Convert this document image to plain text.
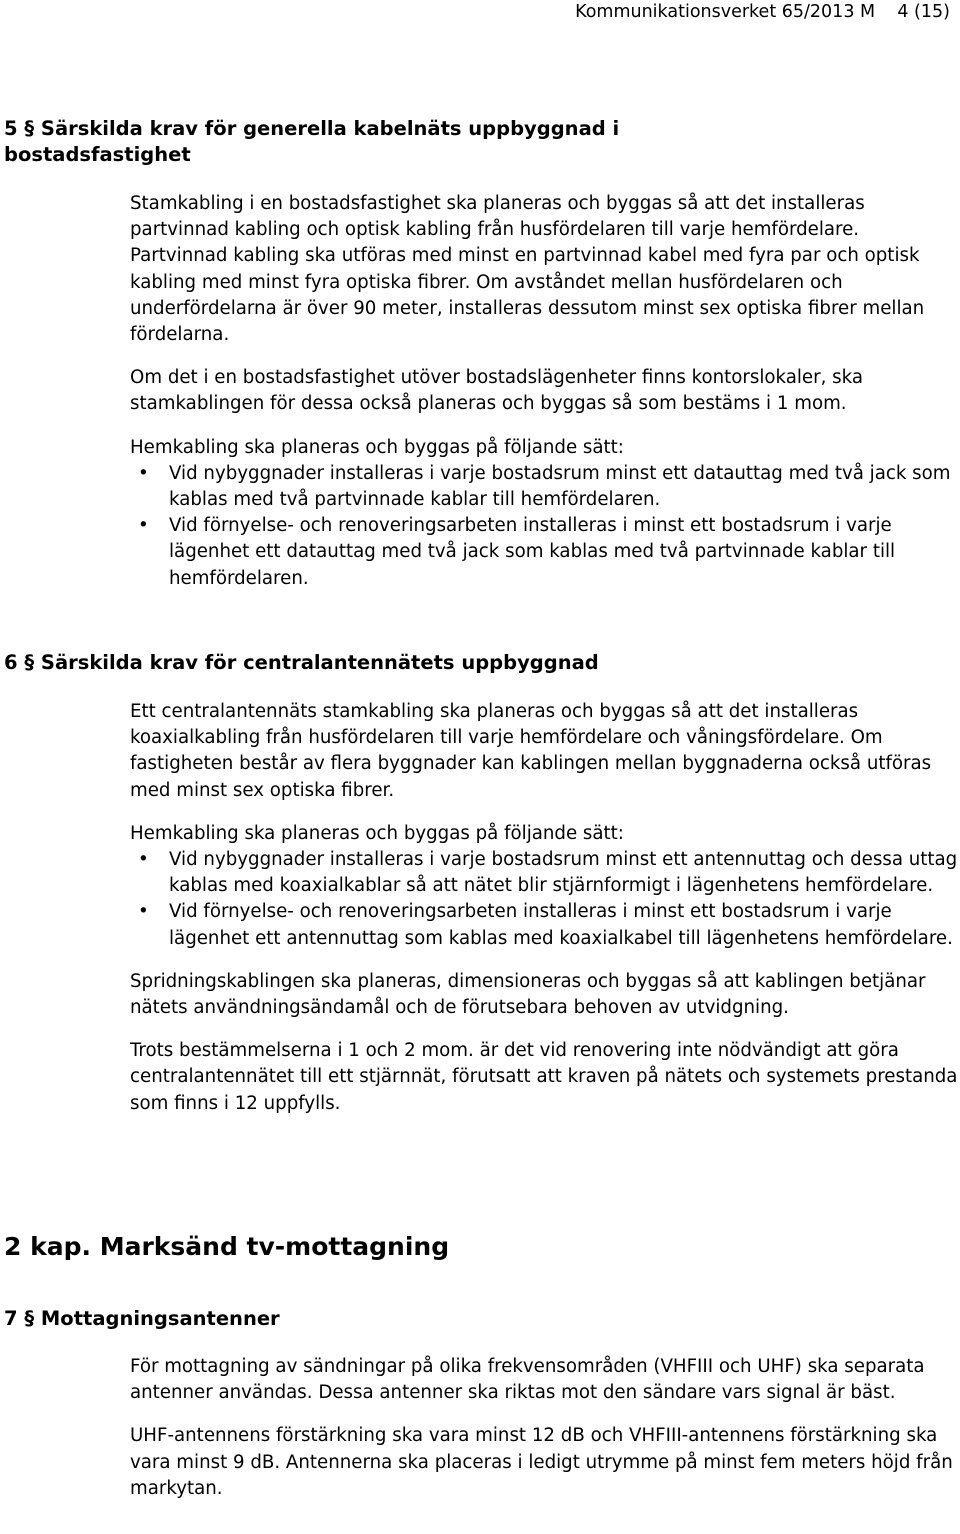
Kommunikationsverket 65/2013 M    4 (15)
5 § Särskilda krav för generella kabelnäts uppbyggnad i
bostadsfastighet

Stamkabling i en bostadsfastighet ska planeras och byggas så att det installeras partvinnad kabling och optisk kabling från husfördelaren till varje hemfördelare. Partvinnad kabling ska utföras med minst en partvinnad kabel med fyra par och optisk kabling med minst fyra optiska fibrer. Om avståndet mellan husfördelaren och underfördelarna är över 90 meter, installeras dessutom minst sex optiska fibrer mellan fördelarna.

Om det i en bostadsfastighet utöver bostadslägenheter finns kontorslokaler, ska stamkablingen för dessa också planeras och byggas så som bestäms i 1 mom.

Hemkabling ska planeras och byggas på följande sätt:

• Vid nybyggnader installeras i varje bostadsrum minst ett datauttag med två jack som kablas med två partvinnade kablar till hemfördelaren.
• Vid förnyelse- och renoveringsarbeten installeras i minst ett bostadsrum i varje lägenhet ett datauttag med två jack som kablas med två partvinnade kablar till hemfördelaren.
6 § Särskilda krav för centralantennätets uppbyggnad

Ett centralantennäts stamkabling ska planeras och byggas så att det installeras koaxialkabling från husfördelaren till varje hemfördelare och våningsfördelare. Om fastigheten består av flera byggnader kan kablingen mellan byggnaderna också utföras med minst sex optiska fibrer.

Hemkabling ska planeras och byggas på följande sätt:

• Vid nybyggnader installeras i varje bostadsrum minst ett antennuttag och dessa uttag kablas med koaxialkablar så att nätet blir stjärnformigt i lägenhetens hemfördelare.
• Vid förnyelse- och renoveringsarbeten installeras i minst ett bostadsrum i varje lägenhet ett antennuttag som kablas med koaxialkabel till lägenhetens hemfördelare.

Spridningskablingen ska planeras, dimensioneras och byggas så att kablingen betjänar nätets användningsändamål och de förutsebara behoven av utvidgning.

Trots bestämmelserna i 1 och 2 mom. är det vid renovering inte nödvändigt att göra centralantennätet till ett stjärnnät, förutsatt att kraven på nätets och systemets prestanda som finns i 12 uppfylls.

2 kap. Marksänd tv-mottagning
7 § Mottagningsantenner

För mottagning av sändningar på olika frekvensområden (VHFIII och UHF) ska separata antenner användas. Dessa antenner ska riktas mot den sändare vars signal är bäst.

UHF-antennens förstärkning ska vara minst 12 dB och VHFIII-antennens förstärkning ska vara minst 9 dB. Antennerna ska placeras i ledigt utrymme på minst fem meters höjd från markytan.
